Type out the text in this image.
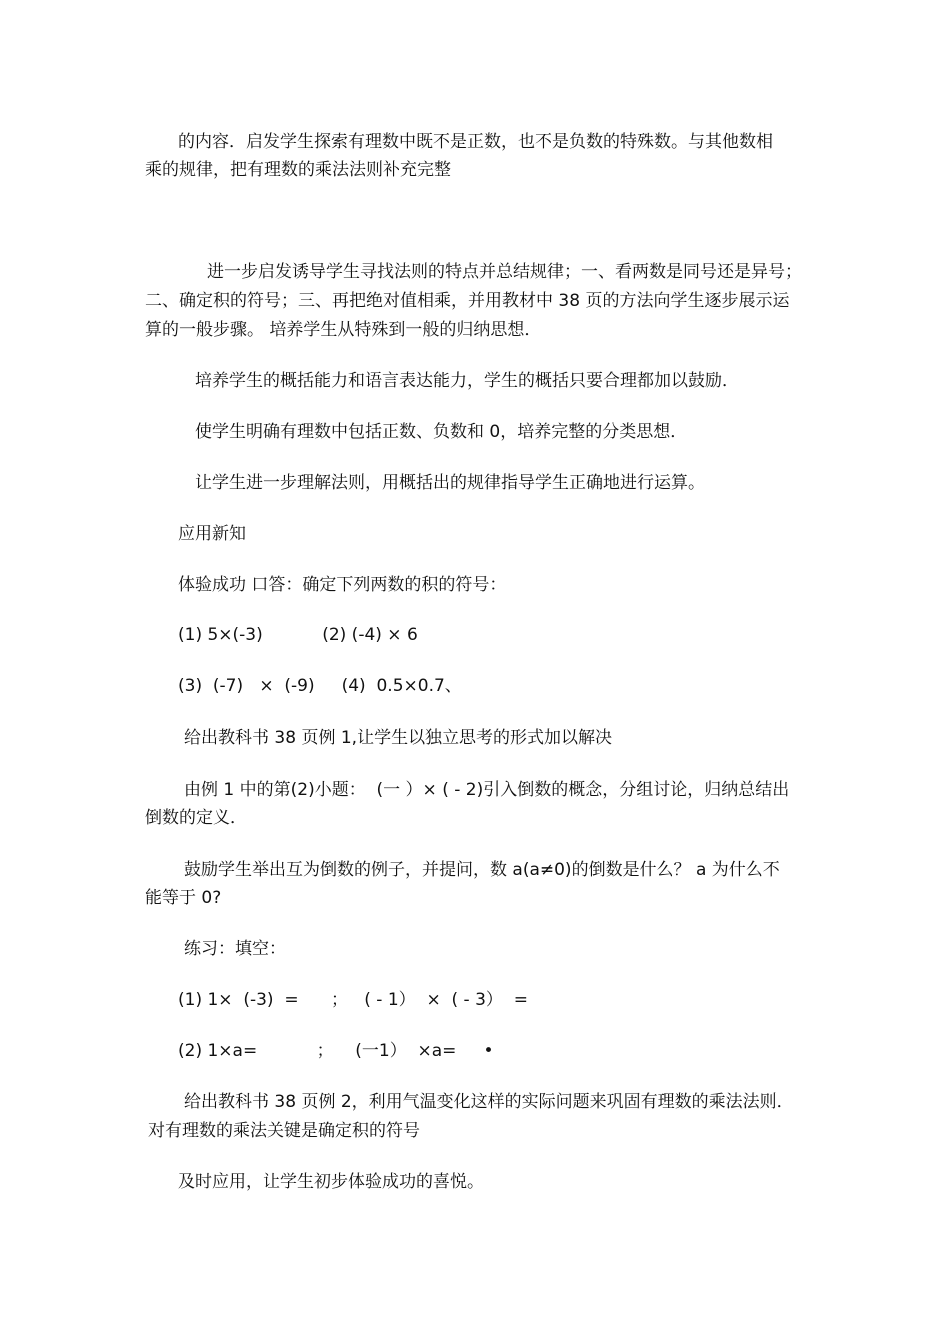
的内容．启发学生探索有理数中既不是正数，也不是负数的特殊数。与其他数相

乘的规律，把有理数的乘法法则补充完整

进一步启发诱导学生寻找法则的特点并总结规律；一、看两数是同号还是异号；

二、确定积的符号；三、再把绝对值相乘，并用教材中 38 页的方法向学生逐步展示运

算的一般步骤。 培养学生从特殊到一般的归纳思想．

培养学生的概括能力和语言表达能力，学生的概括只要合理都加以鼓励．

使学生明确有理数中包括正数、负数和 0，培养完整的分类思想．

让学生进一步理解法则，用概括出的规律指导学生正确地进行运算。

应用新知

体验成功 口答：确定下列两数的积的符号：

(1) 5×(-3)           (2) (-4) × 6

(3)  (-7)   ×  (-9)     (4)  0.5×0.7、

给出教科书 38 页例 1,让学生以独立思考的形式加以解决

由例 1 中的第(2)小题：  (一 ）× ( - 2)引入倒数的概念，分组讨论，归纳总结出

倒数的定义．

鼓励学生举出互为倒数的例子，并提问，数 a(a≠0)的倒数是什么？ a 为什么不

能等于 0?

练习：填空：

(1) 1×  (-3)  =      ；   ( - 1）  ×  ( - 3）  =

(2) 1×a=           ；    (一1）  ×a=     •

给出教科书 38 页例 2，利用气温变化这样的实际问题来巩固有理数的乘法法则．

对有理数的乘法关键是确定积的符号

及时应用，让学生初步体验成功的喜悦。
